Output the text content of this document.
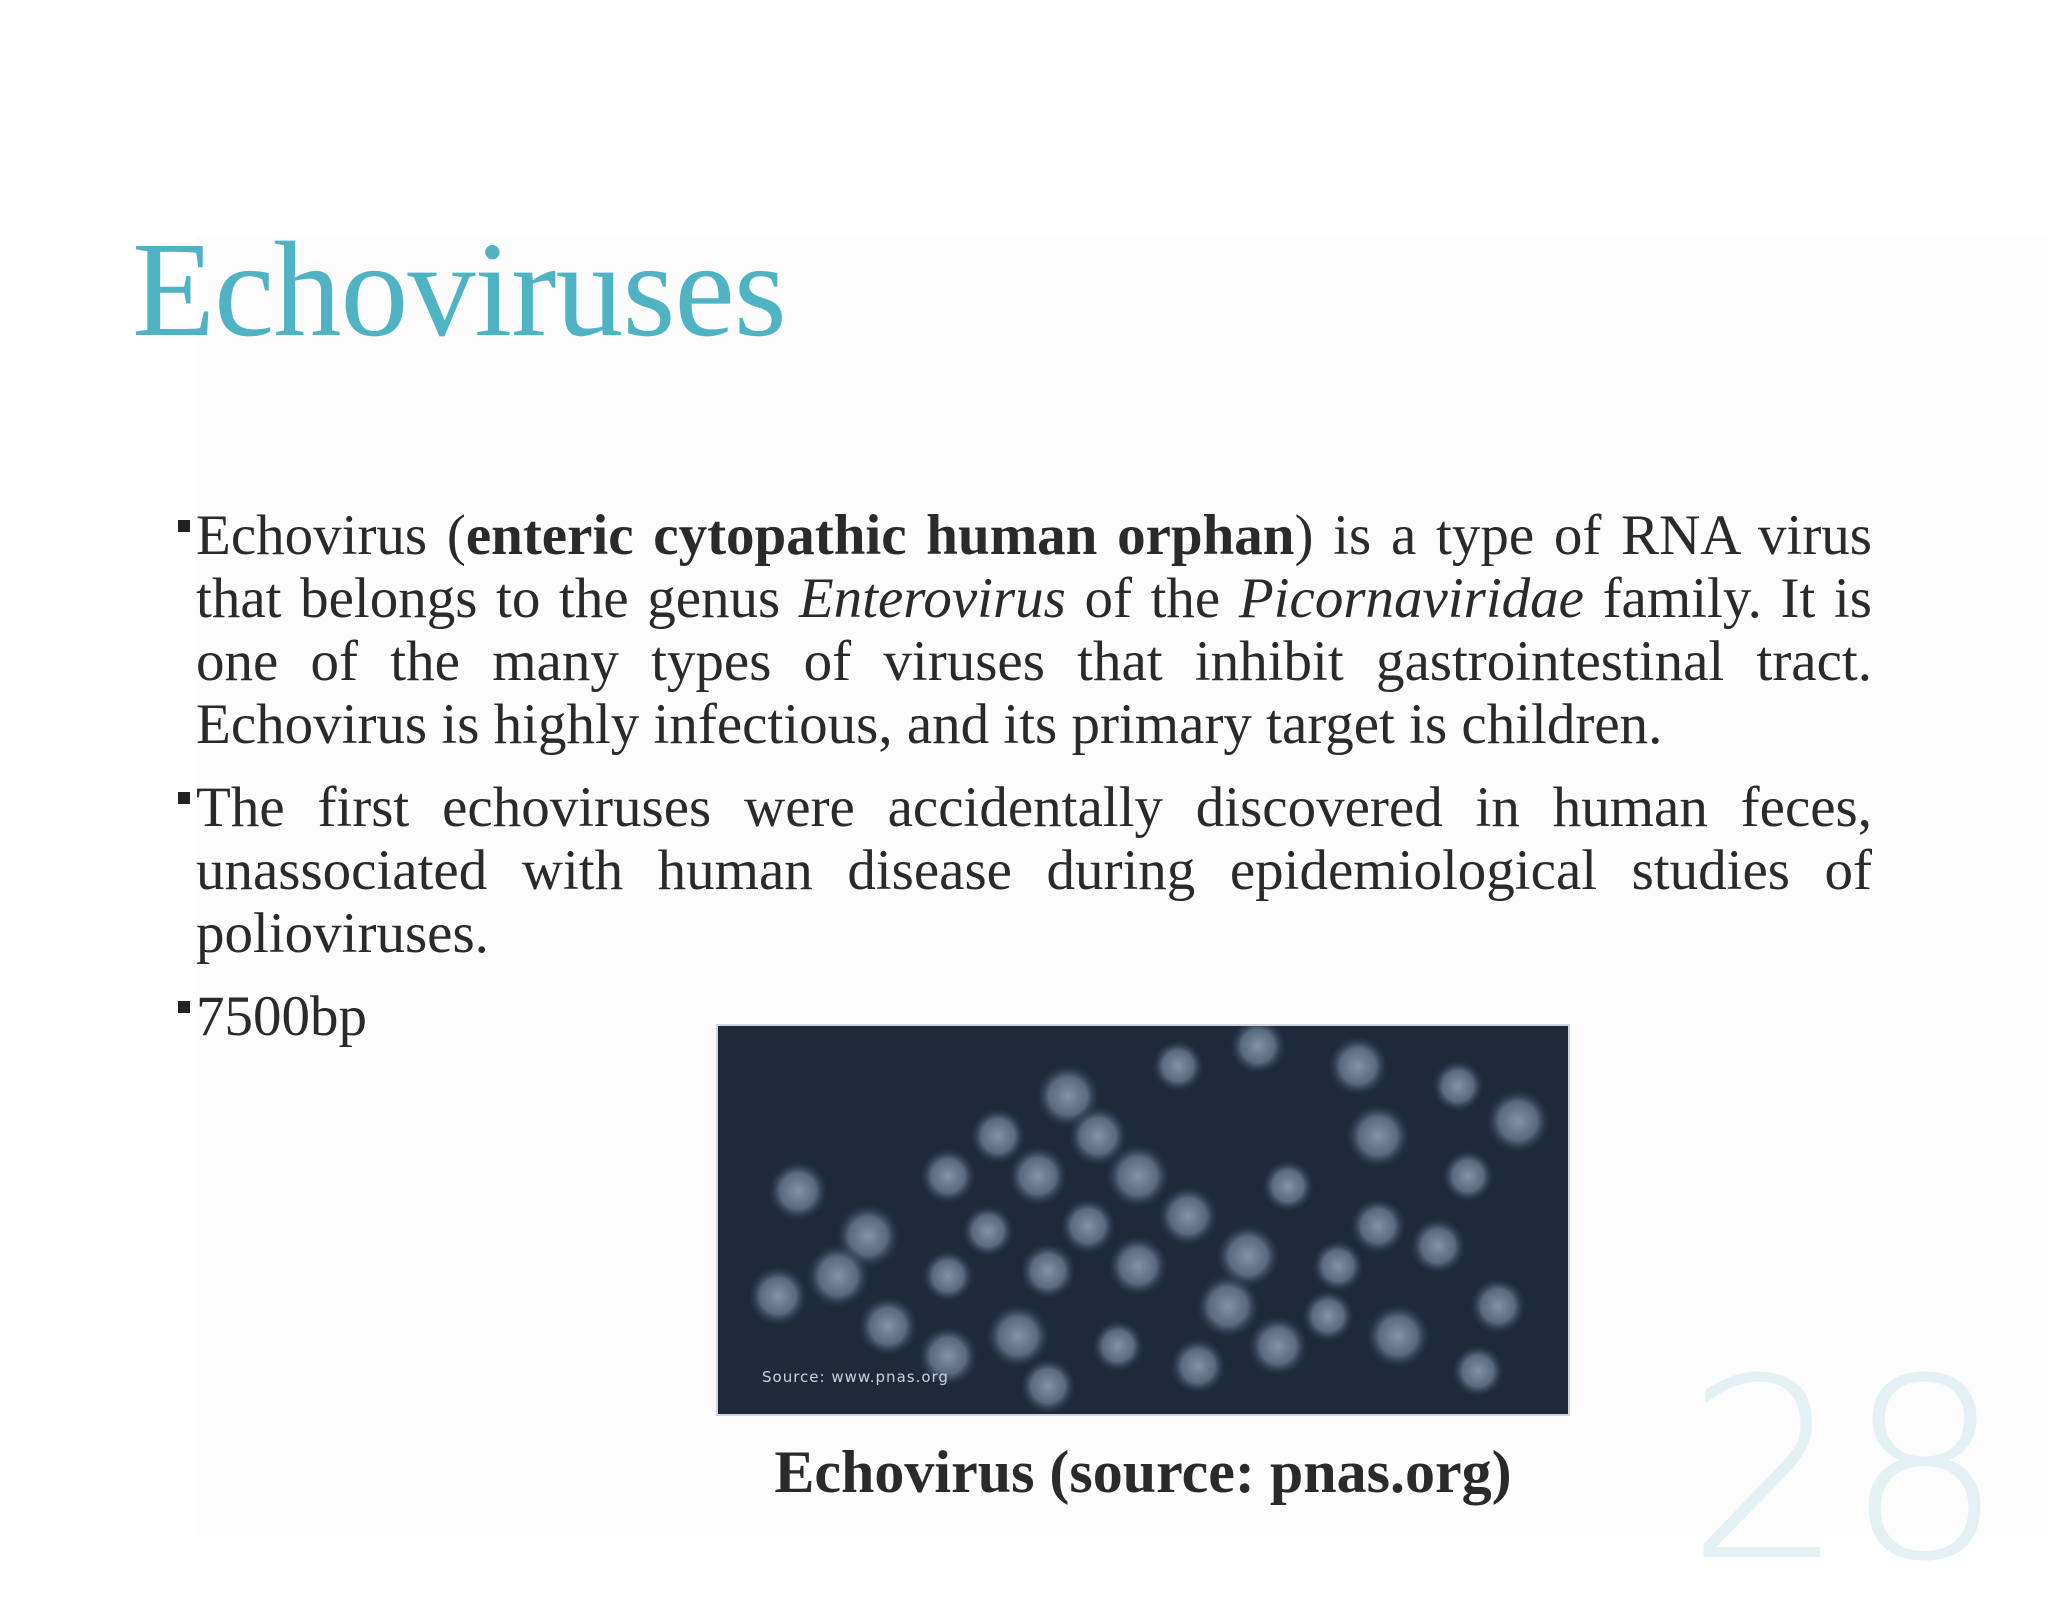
Echoviruses
Echovirus (enteric cytopathic human orphan) is a type of RNA virus that belongs to the genus Enterovirus of the Picornaviridae family. It is one of the many types of viruses that inhibit gastrointestinal tract. Echovirus is highly infectious, and its primary target is children.
The first echoviruses were accidentally discovered in human feces, unassociated with human disease during epidemiological studies of polioviruses.
7500bp
Source: www.pnas.org
Echovirus (source: pnas.org) 28
